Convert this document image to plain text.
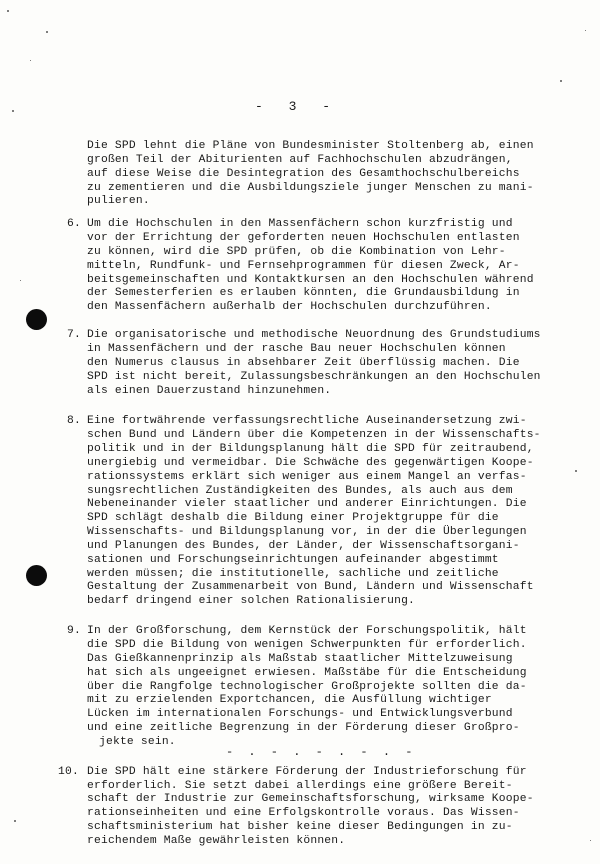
- 3 -
Die SPD lehnt die Pläne von Bundesminister Stoltenberg ab, einen
großen Teil der Abiturienten auf Fachhochschulen abzudrängen,
auf diese Weise die Desintegration des Gesamthochschulbereichs
zu zementieren und die Ausbildungsziele junger Menschen zu mani-
pulieren.
6. Um die Hochschulen in den Massenfächern schon kurzfristig und
vor der Errichtung der geforderten neuen Hochschulen entlasten
zu können, wird die SPD prüfen, ob die Kombination von Lehr-
mitteln, Rundfunk- und Fernsehprogrammen für diesen Zweck, Ar-
beitsgemeinschaften und Kontaktkursen an den Hochschulen während
der Semesterferien es erlauben könnten, die Grundausbildung in
den Massenfächern außerhalb der Hochschulen durchzuführen.
7. Die organisatorische und methodische Neuordnung des Grundstudiums
in Massenfächern und der rasche Bau neuer Hochschulen können
den Numerus clausus in absehbarer Zeit überflüssig machen. Die
SPD ist nicht bereit, Zulassungsbeschränkungen an den Hochschulen
als einen Dauerzustand hinzunehmen.
8. Eine fortwährende verfassungsrechtliche Auseinandersetzung zwi-
schen Bund und Ländern über die Kompetenzen in der Wissenschafts-
politik und in der Bildungsplanung hält die SPD für zeitraubend,
unergiebig und vermeidbar. Die Schwäche des gegenwärtigen Koope-
rationssystems erklärt sich weniger aus einem Mangel an verfas-
sungsrechtlichen Zuständigkeiten des Bundes, als auch aus dem
Nebeneinander vieler staatlicher und anderer Einrichtungen. Die
SPD schlägt deshalb die Bildung einer Projektgruppe für die
Wissenschafts- und Bildungsplanung vor, in der die Überlegungen
und Planungen des Bundes, der Länder, der Wissenschaftsorgani-
sationen und Forschungseinrichtungen aufeinander abgestimmt
werden müssen; die institutionelle, sachliche und zeitliche
Gestaltung der Zusammenarbeit von Bund, Ländern und Wissenschaft
bedarf dringend einer solchen Rationalisierung.
9. In der Großforschung, dem Kernstück der Forschungspolitik, hält
die SPD die Bildung von wenigen Schwerpunkten für erforderlich.
Das Gießkannenprinzip als Maßstab staatlicher Mittelzuweisung
hat sich als ungeeignet erwiesen. Maßstäbe für die Entscheidung
über die Rangfolge technologischer Großprojekte sollten die da-
mit zu erzielenden Exportchancen, die Ausfüllung wichtiger
Lücken im internationalen Forschungs- und Entwicklungsverbund
und eine zeitliche Begrenzung in der Förderung dieser Großpro-
jekte sein.
10. Die SPD hält eine stärkere Förderung der Industrieforschung für
erforderlich. Sie setzt dabei allerdings eine größere Bereit-
schaft der Industrie zur Gemeinschaftsforschung, wirksame Koope-
rationseinheiten und eine Erfolgskontrolle voraus. Das Wissen-
schaftsministerium hat bisher keine dieser Bedingungen in zu-
reichendem Maße gewährleisten können.
- . - . - . - . -
